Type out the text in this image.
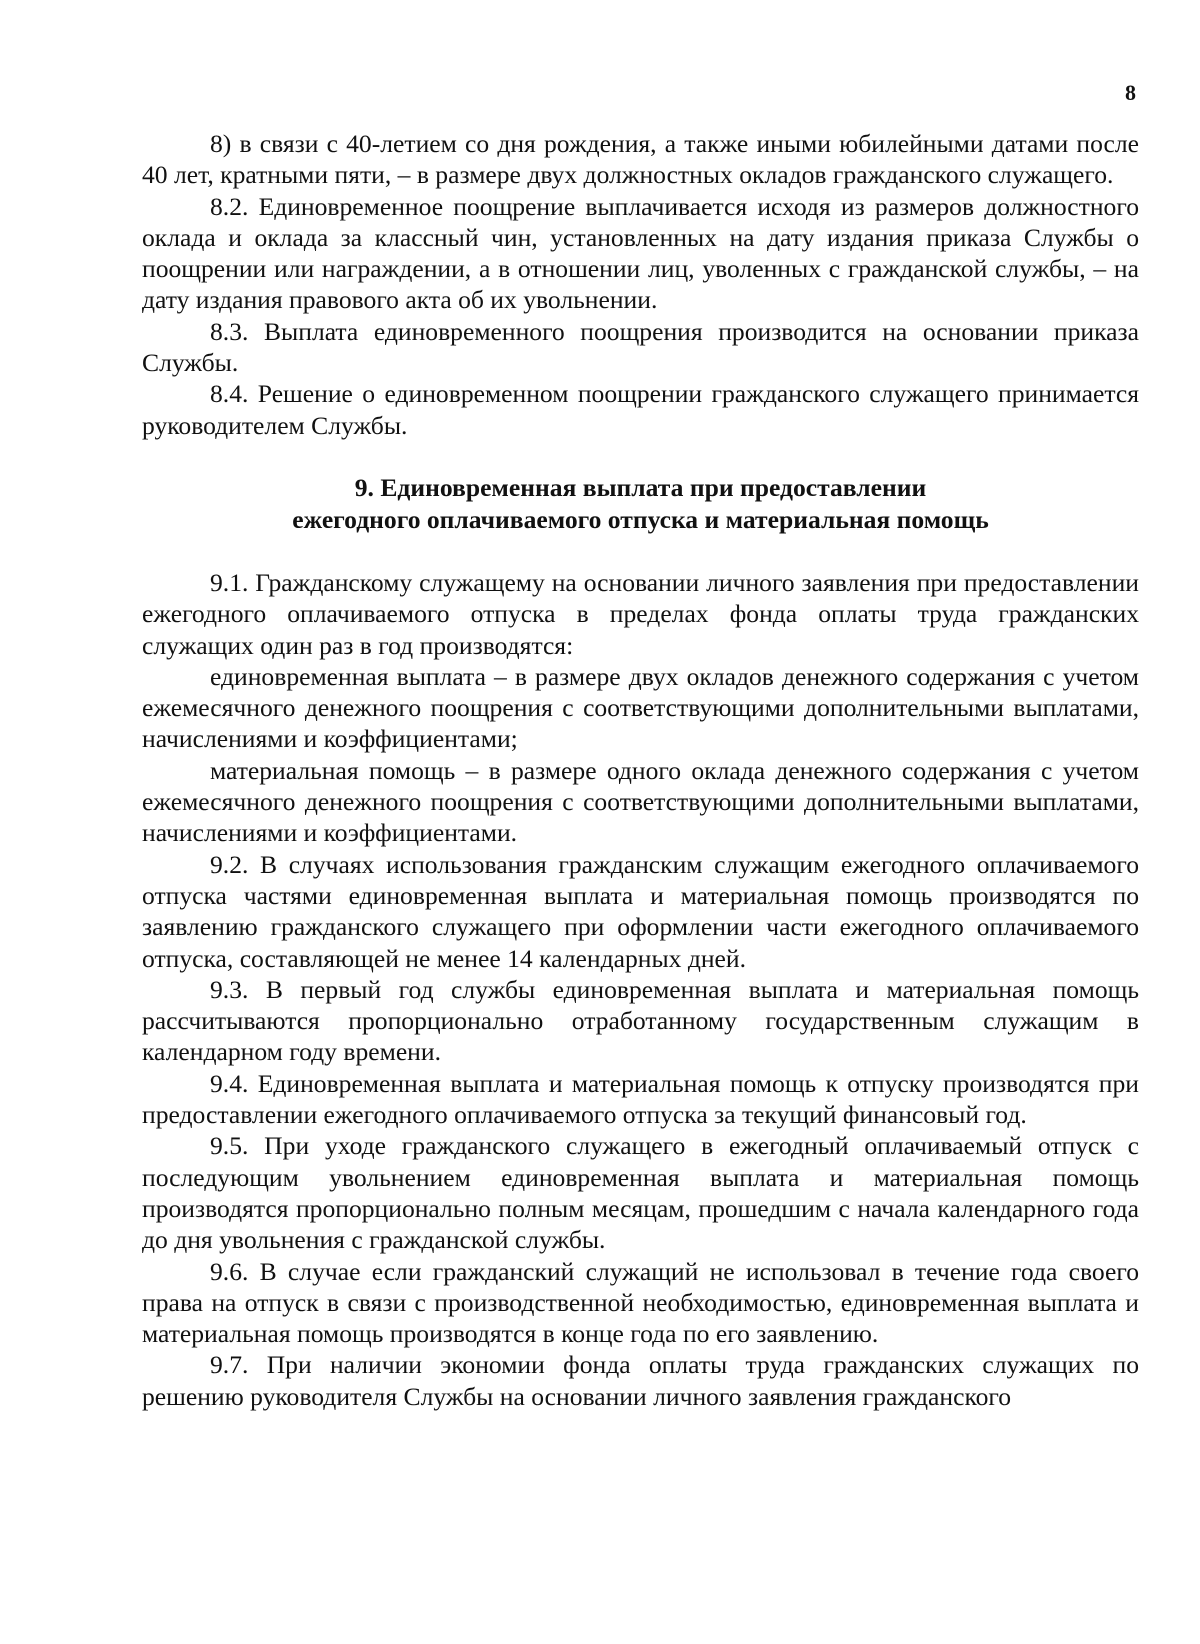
8

8) в связи с 40-летием со дня рождения, а также иными юбилейными датами после 40 лет, кратными пяти, – в размере двух должностных окладов гражданского служащего.

8.2. Единовременное поощрение выплачивается исходя из размеров должностного оклада и оклада за классный чин, установленных на дату издания приказа Службы о поощрении или награждении, а в отношении лиц, уволенных с гражданской службы, – на дату издания правового акта об их увольнении.

8.3. Выплата единовременного поощрения производится на основании приказа Службы.

8.4. Решение о единовременном поощрении гражданского служащего принимается руководителем Службы.

9. Единовременная выплата при предоставлении
ежегодного оплачиваемого отпуска и материальная помощь

9.1. Гражданскому служащему на основании личного заявления при предоставлении ежегодного оплачиваемого отпуска в пределах фонда оплаты труда гражданских служащих один раз в год производятся:

единовременная выплата – в размере двух окладов денежного содержания с учетом ежемесячного денежного поощрения с соответствующими дополнительными выплатами, начислениями и коэффициентами;

материальная помощь – в размере одного оклада денежного содержания с учетом ежемесячного денежного поощрения с соответствующими дополнительными выплатами, начислениями и коэффициентами.

9.2. В случаях использования гражданским служащим ежегодного оплачиваемого отпуска частями единовременная выплата и материальная помощь производятся по заявлению гражданского служащего при оформлении части ежегодного оплачиваемого отпуска, составляющей не менее 14 календарных дней.

9.3. В первый год службы единовременная выплата и материальная помощь рассчитываются пропорционально отработанному государственным служащим в календарном году времени.

9.4. Единовременная выплата и материальная помощь к отпуску производятся при предоставлении ежегодного оплачиваемого отпуска за текущий финансовый год.

9.5. При уходе гражданского служащего в ежегодный оплачиваемый отпуск с последующим увольнением единовременная выплата и материальная помощь производятся пропорционально полным месяцам, прошедшим с начала календарного года до дня увольнения с гражданской службы.

9.6. В случае если гражданский служащий не использовал в течение года своего права на отпуск в связи с производственной необходимостью, единовременная выплата и материальная помощь производятся в конце года по его заявлению.

9.7. При наличии экономии фонда оплаты труда гражданских служащих по решению руководителя Службы на основании личного заявления гражданского
